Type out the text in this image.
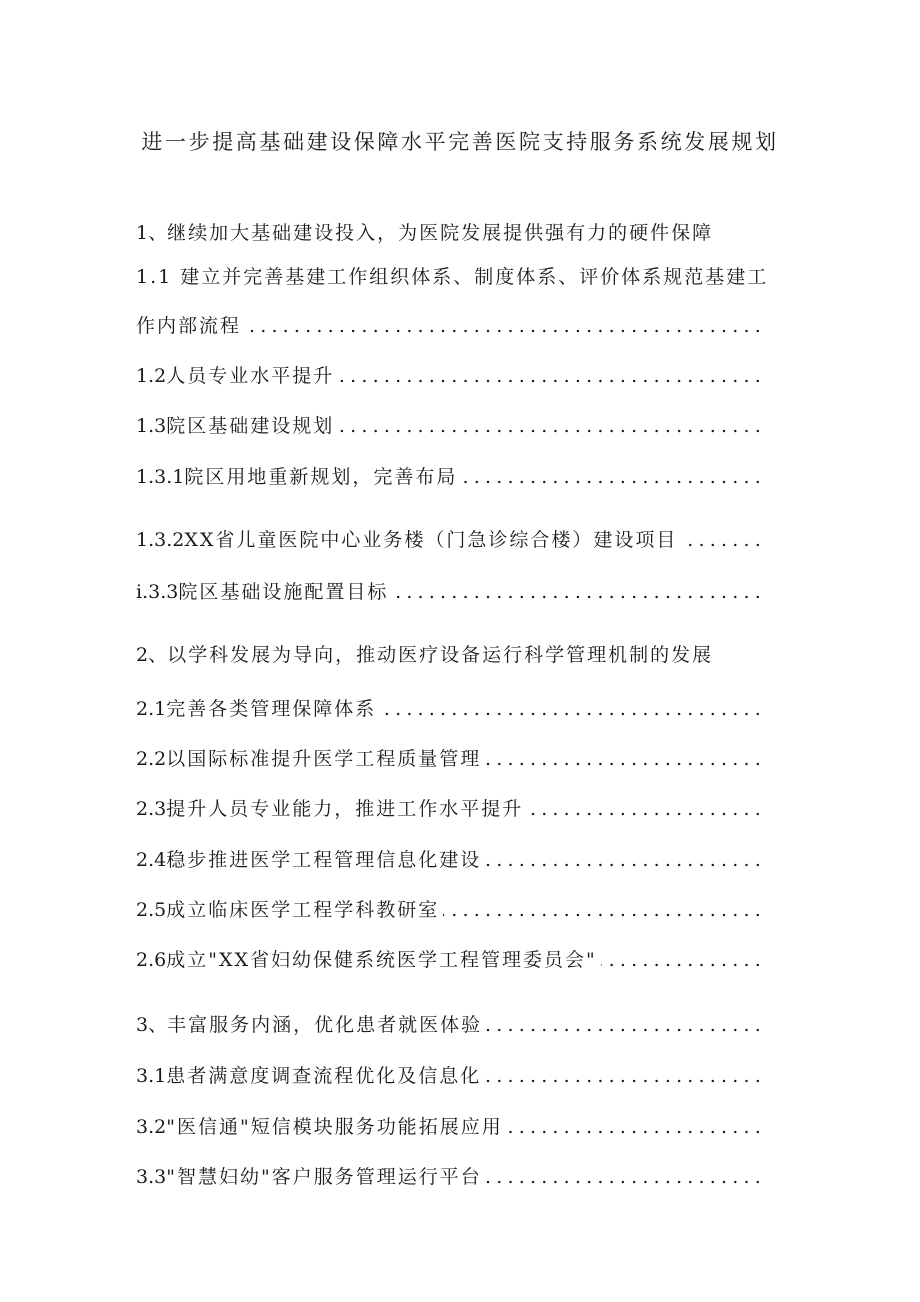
进一步提高基础建设保障水平完善医院支持服务系统发展规划
1、 继续加大基础建设投入，为医院发展提供强有力的硬件保障
1.1 建立并完善基建工作组织体系、制度体系、评价体系规范基建工
作内部流程
.....
1.2 人员专业水平提升
.....
1.3 院区基础建设规划
.....
1.3.1 院区用地重新规划，完善布局
.....
1.3.2 XX省儿童医院中心业务楼（门急诊综合楼）建设项目
.....
i.3.3 院区基础设施配置目标
.....
2、 以学科发展为导向，推动医疗设备运行科学管理机制的发展
2.1 完善各类管理保障体系
.....
2.2 以国际标准提升医学工程质量管理
.....
2.3 提升人员专业能力，推进工作水平提升
.....
2.4 稳步推进医学工程管理信息化建设
.....
2.5 成立临床医学工程学科教研室
.....
2.6 成立"XX省妇幼保健系统医学工程管理委员会"
.....
3、 丰富服务内涵，优化患者就医体验
.....
3.1 患者满意度调查流程优化及信息化
.....
3.2 "医信通"短信模块服务功能拓展应用
.....
3.3 "智慧妇幼"客户服务管理运行平台
.....
